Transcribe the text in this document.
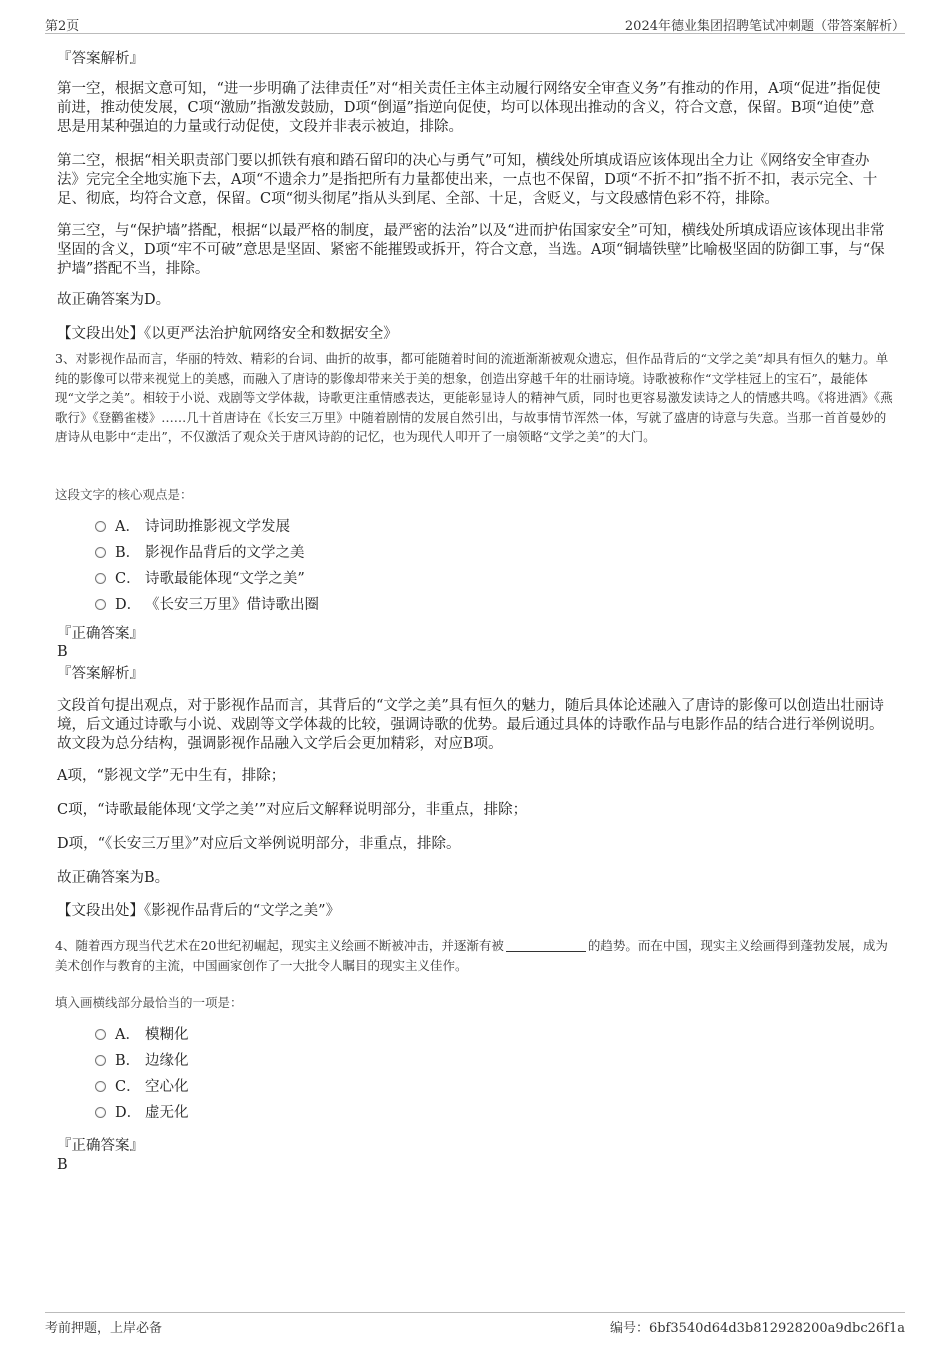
第2页	2024年德业集团招聘笔试冲刺题（带答案解析）
『答案解析』
第一空，根据文意可知，“进一步明确了法律责任”对“相关责任主体主动履行网络安全审查义务”有推动的作用，A项“促进”指促使前进，推动使发展，C项“激励”指激发鼓励，D项“倒逼”指逆向促使，均可以体现出推动的含义，符合文意，保留。B项“迫使”意思是用某种强迫的力量或行动促使，文段并非表示被迫，排除。
第二空，根据“相关职责部门要以抓铁有痕和踏石留印的决心与勇气”可知，横线处所填成语应该体现出全力让《网络安全审查办法》完完全全地实施下去，A项“不遗余力”是指把所有力量都使出来，一点也不保留，D项“不折不扣”指不折不扣，表示完全、十足、彻底，均符合文意，保留。C项“彻头彻尾”指从头到尾、全部、十足，含贬义，与文段感情色彩不符，排除。
第三空，与“保护墙”搭配，根据“以最严格的制度，最严密的法治”以及“进而护佑国家安全”可知，横线处所填成语应该体现出非常坚固的含义，D项“牢不可破”意思是坚固、紧密不能摧毁或拆开，符合文意，当选。A项“铜墙铁壁”比喻极坚固的防御工事，与“保护墙”搭配不当，排除。
故正确答案为D。
【文段出处】《以更严法治护航网络安全和数据安全》
3、对影视作品而言，华丽的特效、精彩的台词、曲折的故事，都可能随着时间的流逝渐渐被观众遗忘，但作品背后的“文学之美”却具有恒久的魅力。单纯的影像可以带来视觉上的美感，而融入了唐诗的影像却带来关于美的想象，创造出穿越千年的壮丽诗境。诗歌被称作“文学桂冠上的宝石”，最能体现“文学之美”。相较于小说、戏剧等文学体裁，诗歌更注重情感表达，更能彰显诗人的精神气质，同时也更容易激发读诗之人的情感共鸣。《将进酒》《燕歌行》《登鹳雀楼》……几十首唐诗在《长安三万里》中随着剧情的发展自然引出，与故事情节浑然一体，写就了盛唐的诗意与失意。当那一首首曼妙的唐诗从电影中“走出”，不仅激活了观众关于唐风诗韵的记忆，也为现代人叩开了一扇领略“文学之美”的大门。
这段文字的核心观点是：
A． 诗词助推影视文学发展
B． 影视作品背后的文学之美
C． 诗歌最能体现“文学之美”
D． 《长安三万里》借诗歌出圈
『正确答案』
B
『答案解析』
文段首句提出观点，对于影视作品而言，其背后的“文学之美”具有恒久的魅力，随后具体论述融入了唐诗的影像可以创造出壮丽诗境，后文通过诗歌与小说、戏剧等文学体裁的比较，强调诗歌的优势。最后通过具体的诗歌作品与电影作品的结合进行举例说明。故文段为总分结构，强调影视作品融入文学后会更加精彩，对应B项。
A项，“影视文学”无中生有，排除；
C项，“诗歌最能体现‘文学之美’”对应后文解释说明部分，非重点，排除；
D项，“《长安三万里》”对应后文举例说明部分，非重点，排除。
故正确答案为B。
【文段出处】《影视作品背后的“文学之美”》
4、随着西方现当代艺术在20世纪初崛起，现实主义绘画不断被冲击，并逐渐有被	的趋势。而在中国，现实主义绘画得到蓬勃发展，成为美术创作与教育的主流，中国画家创作了一大批令人瞩目的现实主义佳作。
填入画横线部分最恰当的一项是：
A． 模糊化
B． 边缘化
C． 空心化
D． 虚无化
『正确答案』
B
考前押题，上岸必备	编号：6bf3540d64d3b812928200a9dbc26f1a
